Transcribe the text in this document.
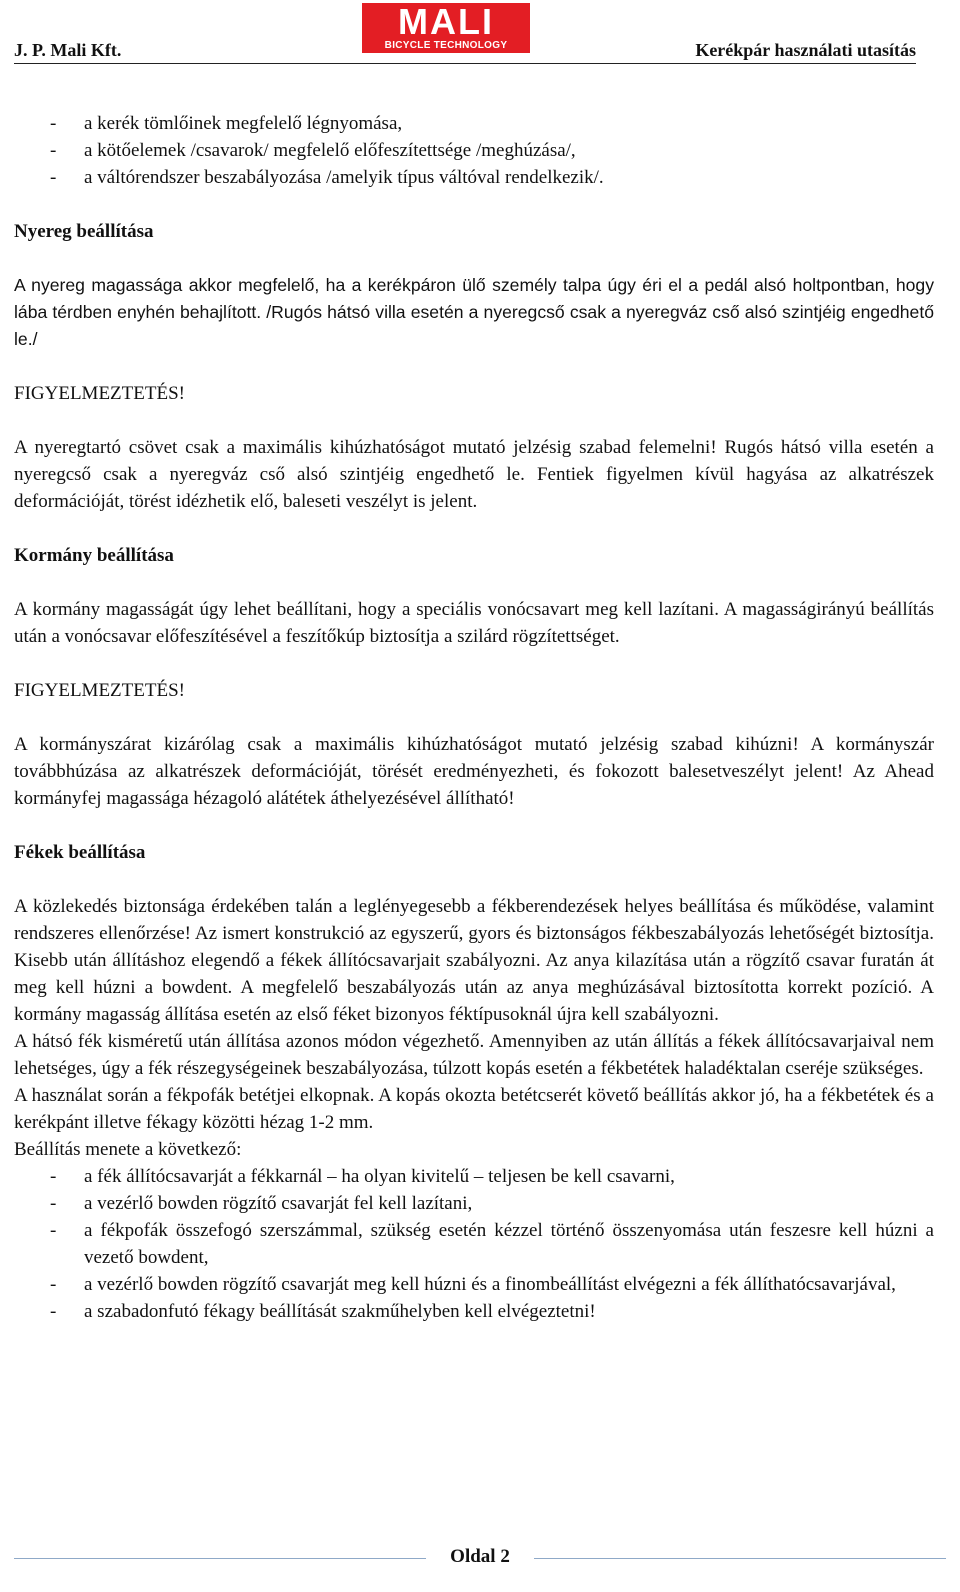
J. P. Mali Kft.
MALI
BICYCLE TECHNOLOGY	Kerékpár használati utasítás
- a kerék tömlőinek megfelelő légnyomása,
- a kötőelemek /csavarok/ megfelelő előfeszítettsége /meghúzása/,
- a váltórendszer beszabályozása /amelyik típus váltóval rendelkezik/.
Nyereg beállítása

A nyereg magassága akkor megfelelő, ha a kerékpáron ülő személy talpa úgy éri el a pedál alsó holtpontban, hogy lába térdben enyhén behajlított. /Rugós hátsó villa esetén a nyeregcső csak a nyeregváz cső alsó szintjéig engedhető le./

FIGYELMEZTETÉS!

A nyeregtartó csövet csak a maximális kihúzhatóságot mutató jelzésig szabad felemelni! Rugós hátsó villa esetén a nyeregcső csak a nyeregváz cső alsó szintjéig engedhető le. Fentiek figyelmen kívül hagyása az alkatrészek deformációját, törést idézhetik elő, baleseti veszélyt is jelent.

Kormány beállítása

A kormány magasságát úgy lehet beállítani, hogy a speciális vonócsavart meg kell lazítani. A magasságirányú beállítás után a vonócsavar előfeszítésével a feszítőkúp biztosítja a szilárd rögzítettséget.

FIGYELMEZTETÉS!

A kormányszárat kizárólag csak a maximális kihúzhatóságot mutató jelzésig szabad kihúzni! A kormányszár továbbhúzása az alkatrészek deformációját, törését eredményezheti, és fokozott balesetveszélyt jelent! Az Ahead kormányfej magassága hézagoló alátétek áthelyezésével állítható!

Fékek beállítása

A közlekedés biztonsága érdekében talán a leglényegesebb a fékberendezések helyes beállítása és működése, valamint rendszeres ellenőrzése! Az ismert konstrukció az egyszerű, gyors és biztonságos fékbeszabályozás lehetőségét biztosítja. Kisebb után állításhoz elegendő a fékek állítócsavarjait szabályozni. Az anya kilazítása után a rögzítő csavar furatán át meg kell húzni a bowdent. A megfelelő beszabályozás után az anya meghúzásával biztosította korrekt pozíció. A kormány magasság állítása esetén az első féket bizonyos féktípusoknál újra kell szabályozni.

A hátsó fék kisméretű után állítása azonos módon végezhető. Amennyiben az után állítás a fékek állítócsavarjaival nem lehetséges, úgy a fék részegységeinek beszabályozása, túlzott kopás esetén a fékbetétek haladéktalan cseréje szükséges.

A használat során a fékpofák betétjei elkopnak. A kopás okozta betétcserét követő beállítás akkor jó, ha a fékbetétek és a kerékpánt illetve fékagy közötti hézag 1-2 mm.

Beállítás menete a következő:

- a fék állítócsavarját a fékkarnál – ha olyan kivitelű – teljesen be kell csavarni,
- a vezérlő bowden rögzítő csavarját fel kell lazítani,
- a fékpofák összefogó szerszámmal, szükség esetén kézzel történő összenyomása után feszesre kell húzni a vezető bowdent,
- a vezérlő bowden rögzítő csavarját meg kell húzni és a finombeállítást elvégezni a fék állíthatócsavarjával,
- a szabadonfutó fékagy beállítását szakműhelyben kell elvégeztetni!
Oldal 2
